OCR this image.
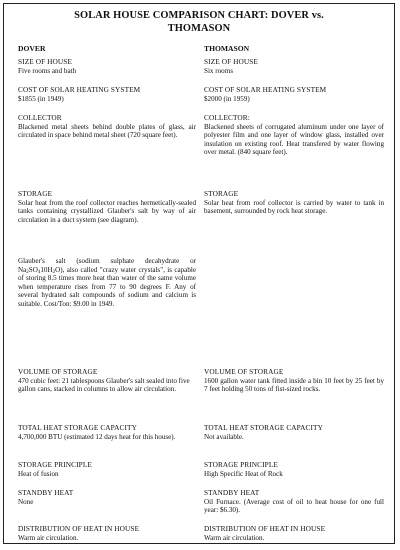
SOLAR HOUSE COMPARISON CHART: DOVER vs.
THOMASON
DOVER	THOMASON
SIZE OF HOUSE
Five rooms and bath
COST OF SOLAR HEATING SYSTEM
$1855 (in 1949)
COLLECTOR
Blackened metal sheets behind double plates of glass, air circulated in space behind metal sheet (720 square feet).
STORAGE
Solar heat from the roof collector reaches hermetically-sealed tanks containing crystallized Glauber's salt by way of air circulation in a duct system (see diagram).
Glauber's salt (sodium sulphate decahydrate or $Na_2SO_410H_2O$), also called "crazy water crystals", is capable of storing 8.5 times more heat than water of the same volume when temperature rises from 77 to 90 degrees F. Any of several hydrated salt compounds of sodium and calcium is suitable. Cost/Ton: $9.00 in 1949.
VOLUME OF STORAGE
470 cubic feet: 21 tablespoons Glauber's salt sealed into five gallon cans, stacked in columns to allow air circulation.
TOTAL HEAT STORAGE CAPACITY
4,700,000 BTU (estimated 12 days heat for this house).
STORAGE PRINCIPLE
Heat of fusion
STANDBY HEAT
None
DISTRIBUTION OF HEAT IN HOUSE
Warm air circulation.
SIZE OF HOUSE
Six rooms
COST OF SOLAR HEATING SYSTEM
$2000 (in 1959)
COLLECTOR:
Blackened sheets of corrugated aluminum under one layer of polyester film and one layer of window glass, installed over insulation on existing roof. Heat transfered by water flowing over metal. (840 square feet).
STORAGE
Solar heat from roof collector is carried by water to tank in basement, surrounded by rock heat storage.
VOLUME OF STORAGE
1600 gallon water tank fitted inside a bin 10 feet by 25 feet by 7 feet holding 50 tons of fist-sized rocks.
TOTAL HEAT STORAGE CAPACITY
Not available.
STORAGE PRINCIPLE
High Specific Heat of Rock
STANDBY HEAT
Oil Furnace. (Average cost of oil to heat house for one full year: $6.30).
DISTRIBUTION OF HEAT IN HOUSE
Warm air circulation.
